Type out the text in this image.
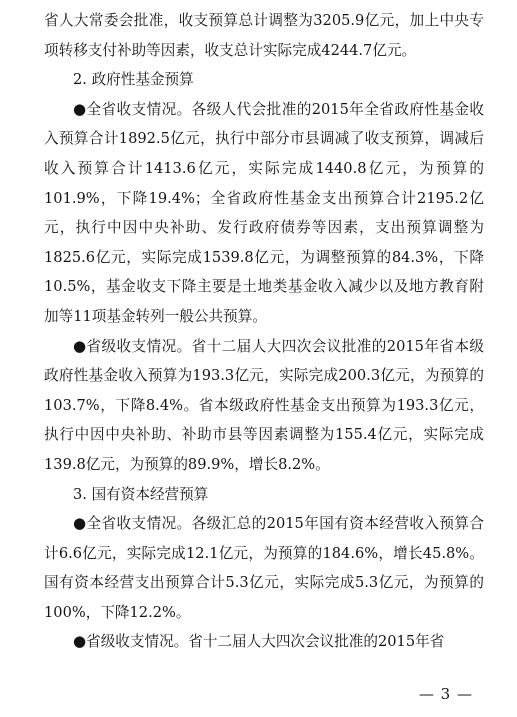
省人大常委会批准，收支预算总计调整为3205.9亿元，加上中央专项转移支付补助等因素，收支总计实际完成4244.7亿元。

2. 政府性基金预算

●全省收支情况。各级人代会批准的2015年全省政府性基金收入预算合计1892.5亿元，执行中部分市县调减了收支预算，调减后收入预算合计1413.6亿元，实际完成1440.8亿元，为预算的101.9%，下降19.4%；全省政府性基金支出预算合计2195.2亿元，执行中因中央补助、发行政府债券等因素，支出预算调整为1825.6亿元，实际完成1539.8亿元，为调整预算的84.3%，下降10.5%，基金收支下降主要是土地类基金收入减少以及地方教育附加等11项基金转列一般公共预算。

●省级收支情况。省十二届人大四次会议批准的2015年省本级政府性基金收入预算为193.3亿元，实际完成200.3亿元，为预算的103.7%，下降8.4%。省本级政府性基金支出预算为193.3亿元，执行中因中央补助、补助市县等因素调整为155.4亿元，实际完成139.8亿元，为预算的89.9%，增长8.2%。

3. 国有资本经营预算

●全省收支情况。各级汇总的2015年国有资本经营收入预算合计6.6亿元，实际完成12.1亿元，为预算的184.6%，增长45.8%。国有资本经营支出预算合计5.3亿元，实际完成5.3亿元，为预算的100%，下降12.2%。

●省级收支情况。省十二届人大四次会议批准的2015年省

— 3 —
